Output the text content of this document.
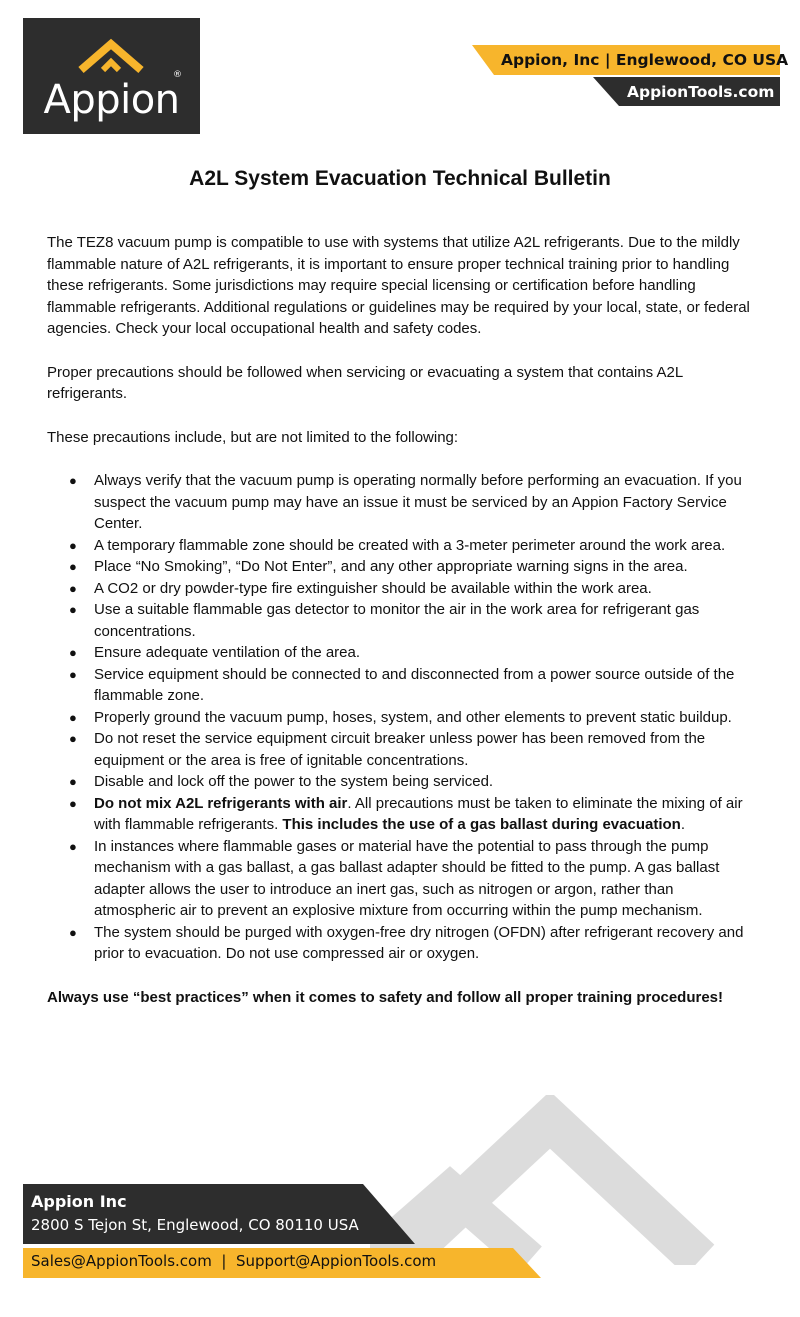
Appion
®
Appion, Inc | Englewood, CO USA
AppionTools.com
A2L System Evacuation Technical Bulletin

The TEZ8 vacuum pump is compatible to use with systems that utilize A2L refrigerants. Due to the mildly flammable nature of A2L refrigerants, it is important to ensure proper technical training prior to handling these refrigerants. Some jurisdictions may require special licensing or certification before handling flammable refrigerants. Additional regulations or guidelines may be required by your local, state, or federal agencies. Check your local occupational health and safety codes.

Proper precautions should be followed when servicing or evacuating a system that contains A2L refrigerants.

These precautions include, but are not limited to the following:

● Always verify that the vacuum pump is operating normally before performing an evacuation. If you suspect the vacuum pump may have an issue it must be serviced by an Appion Factory Service Center.
● A temporary flammable zone should be created with a 3-meter perimeter around the work area.
● Place “No Smoking”, “Do Not Enter”, and any other appropriate warning signs in the area.
● A CO2 or dry powder-type fire extinguisher should be available within the work area.
● Use a suitable flammable gas detector to monitor the air in the work area for refrigerant gas concentrations.
● Ensure adequate ventilation of the area.
● Service equipment should be connected to and disconnected from a power source outside of the flammable zone.
● Properly ground the vacuum pump, hoses, system, and other elements to prevent static buildup.
● Do not reset the service equipment circuit breaker unless power has been removed from the equipment or the area is free of ignitable concentrations.
● Disable and lock off the power to the system being serviced.
● Do not mix A2L refrigerants with air. All precautions must be taken to eliminate the mixing of air with flammable refrigerants. This includes the use of a gas ballast during evacuation.
● In instances where flammable gases or material have the potential to pass through the pump mechanism with a gas ballast, a gas ballast adapter should be fitted to the pump. A gas ballast adapter allows the user to introduce an inert gas, such as nitrogen or argon, rather than atmospheric air to prevent an explosive mixture from occurring within the pump mechanism.
● The system should be purged with oxygen-free dry nitrogen (OFDN) after refrigerant recovery and prior to evacuation. Do not use compressed air or oxygen.

Always use “best practices” when it comes to safety and follow all proper training procedures!

Appion Inc
2800 S Tejon St, Englewood, CO 80110 USA
Sales@AppionTools.com  |  Support@AppionTools.com
